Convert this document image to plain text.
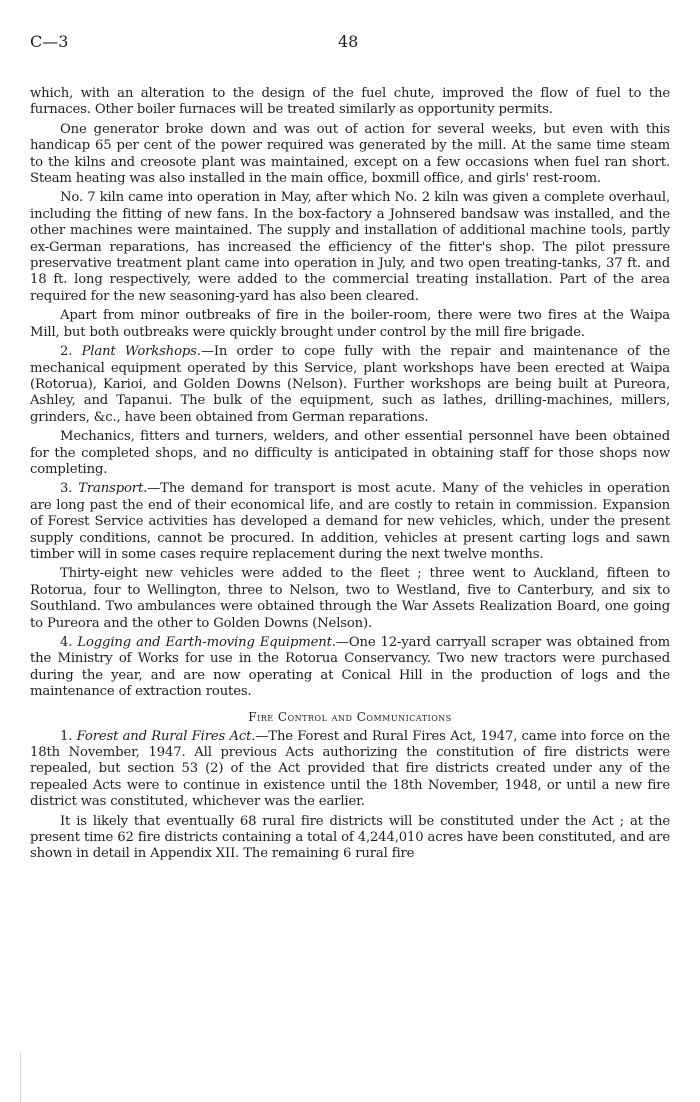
C—3	48

which, with an alteration to the design of the fuel chute, improved the flow of fuel to the furnaces. Other boiler furnaces will be treated similarly as opportunity permits.

One generator broke down and was out of action for several weeks, but even with this handicap 65 per cent of the power required was generated by the mill. At the same time steam to the kilns and creosote plant was maintained, except on a few occasions when fuel ran short. Steam heating was also installed in the main office, boxmill office, and girls' rest-room.

No. 7 kiln came into operation in May, after which No. 2 kiln was given a complete overhaul, including the fitting of new fans. In the box-factory a Johnsered bandsaw was installed, and the other machines were maintained. The supply and installation of additional machine tools, partly ex-German reparations, has increased the efficiency of the fitter's shop. The pilot pressure preservative treatment plant came into operation in July, and two open treating-tanks, 37 ft. and 18 ft. long respectively, were added to the commercial treating installation. Part of the area required for the new seasoning-yard has also been cleared.

Apart from minor outbreaks of fire in the boiler-room, there were two fires at the Waipa Mill, but both outbreaks were quickly brought under control by the mill fire brigade.

2. Plant Workshops.—In order to cope fully with the repair and maintenance of the mechanical equipment operated by this Service, plant workshops have been erected at Waipa (Rotorua), Karioi, and Golden Downs (Nelson). Further workshops are being built at Pureora, Ashley, and Tapanui. The bulk of the equipment, such as lathes, drilling-machines, millers, grinders, &c., have been obtained from German reparations.

Mechanics, fitters and turners, welders, and other essential personnel have been obtained for the completed shops, and no difficulty is anticipated in obtaining staff for those shops now completing.

3. Transport.—The demand for transport is most acute. Many of the vehicles in operation are long past the end of their economical life, and are costly to retain in commission. Expansion of Forest Service activities has developed a demand for new vehicles, which, under the present supply conditions, cannot be procured. In addition, vehicles at present carting logs and sawn timber will in some cases require replacement during the next twelve months.

Thirty-eight new vehicles were added to the fleet ; three went to Auckland, fifteen to Rotorua, four to Wellington, three to Nelson, two to Westland, five to Canterbury, and six to Southland. Two ambulances were obtained through the War Assets Realization Board, one going to Pureora and the other to Golden Downs (Nelson).

4. Logging and Earth-moving Equipment.—One 12-yard carryall scraper was obtained from the Ministry of Works for use in the Rotorua Conservancy. Two new tractors were purchased during the year, and are now operating at Conical Hill in the production of logs and the maintenance of extraction routes.

Fire Control and Communications

1. Forest and Rural Fires Act.—The Forest and Rural Fires Act, 1947, came into force on the 18th November, 1947. All previous Acts authorizing the constitution of fire districts were repealed, but section 53 (2) of the Act provided that fire districts created under any of the repealed Acts were to continue in existence until the 18th November, 1948, or until a new fire district was constituted, whichever was the earlier.

It is likely that eventually 68 rural fire districts will be constituted under the Act ; at the present time 62 fire districts containing a total of 4,244,010 acres have been constituted, and are shown in detail in Appendix XII. The remaining 6 rural fire
